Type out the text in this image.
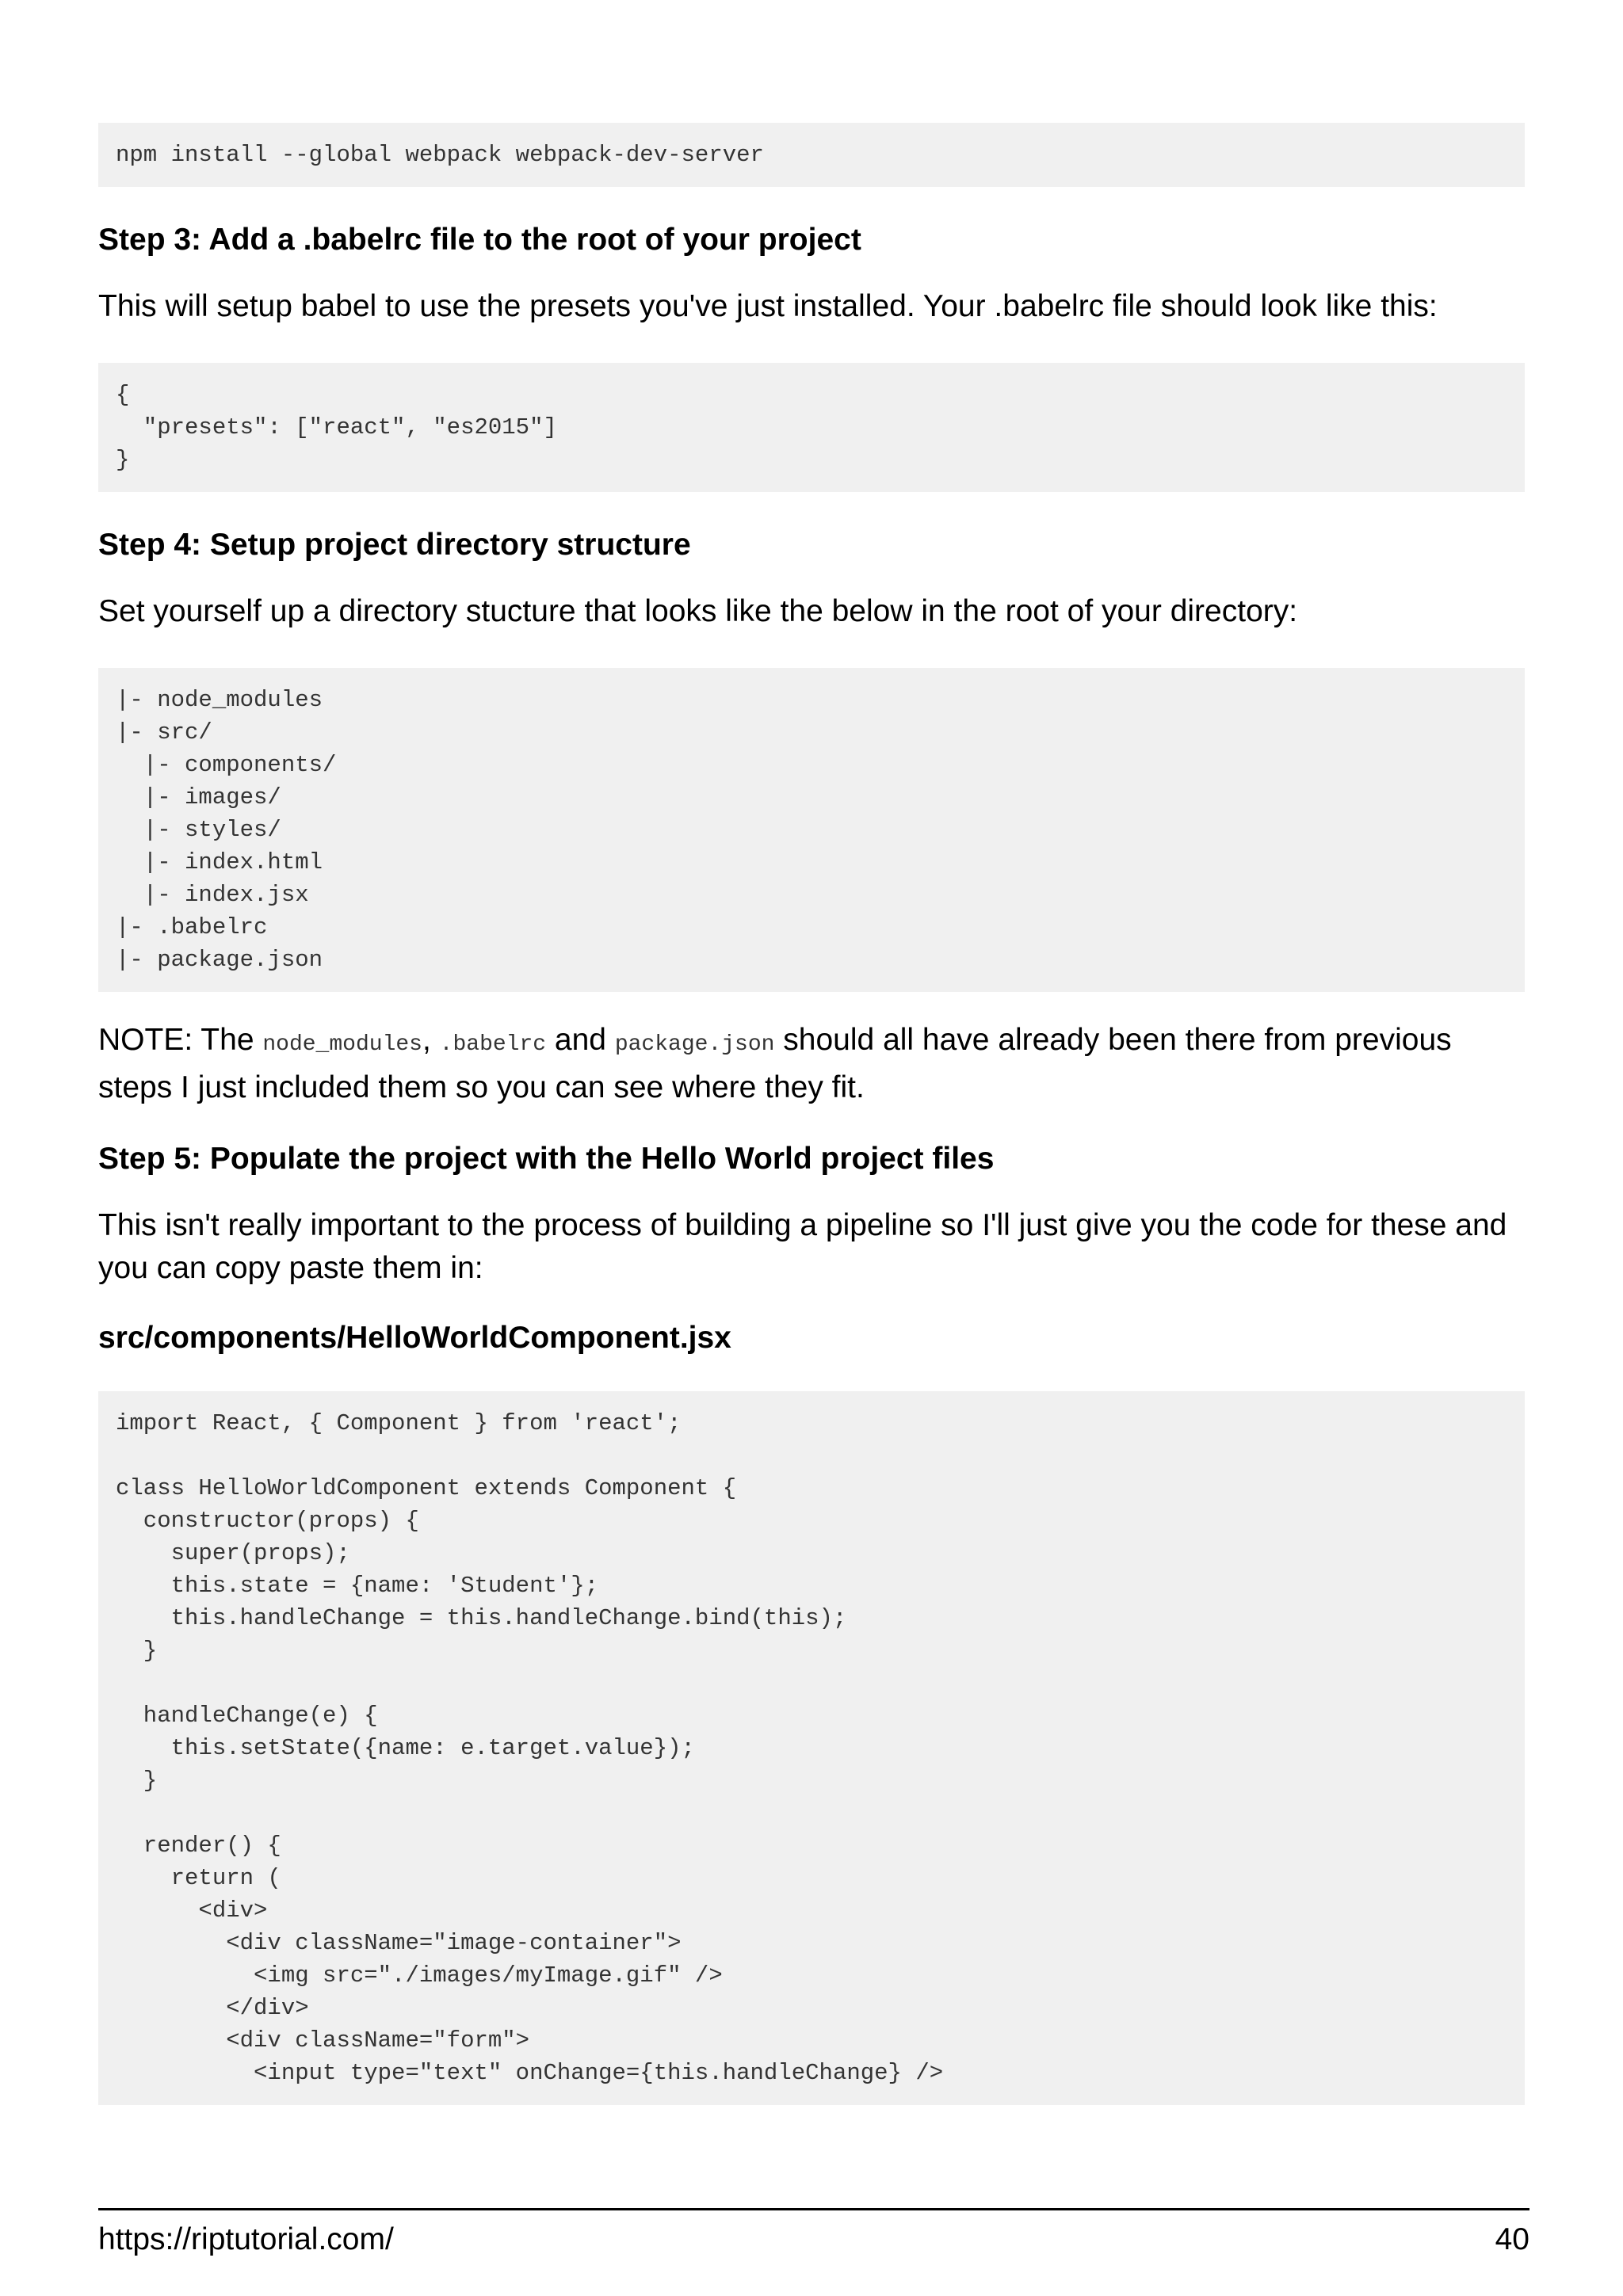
npm install --global webpack webpack-dev-server
Step 3: Add a .babelrc file to the root of your project

This will setup babel to use the presets you've just installed. Your .babelrc file should look like this:

{
"presets": ["react", "es2015"]
}
Step 4: Setup project directory structure

Set yourself up a directory stucture that looks like the below in the root of your directory:

|- node_modules
|- src/
|- components/
|- images/
|- styles/
|- index.html
|- index.jsx
|- .babelrc
|- package.json

NOTE: The node_modules, .babelrc and package.json should all have already been there from previous steps I just included them so you can see where they fit.

Step 5: Populate the project with the Hello World project files

This isn't really important to the process of building a pipeline so I'll just give you the code for these and you can copy paste them in:

src/components/HelloWorldComponent.jsx
import React, { Component } from 'react';

class HelloWorldComponent extends Component {
constructor(props) {
super(props);
this.state = {name: 'Student'};
this.handleChange = this.handleChange.bind(this);
}

handleChange(e) {
this.setState({name: e.target.value});
}

render() {
return (
<div>
<div className="image-container">
<img src="./images/myImage.gif" />
</div>
<div className="form">
<input type="text" onChange={this.handleChange} />
https://riptutorial.com/	40
